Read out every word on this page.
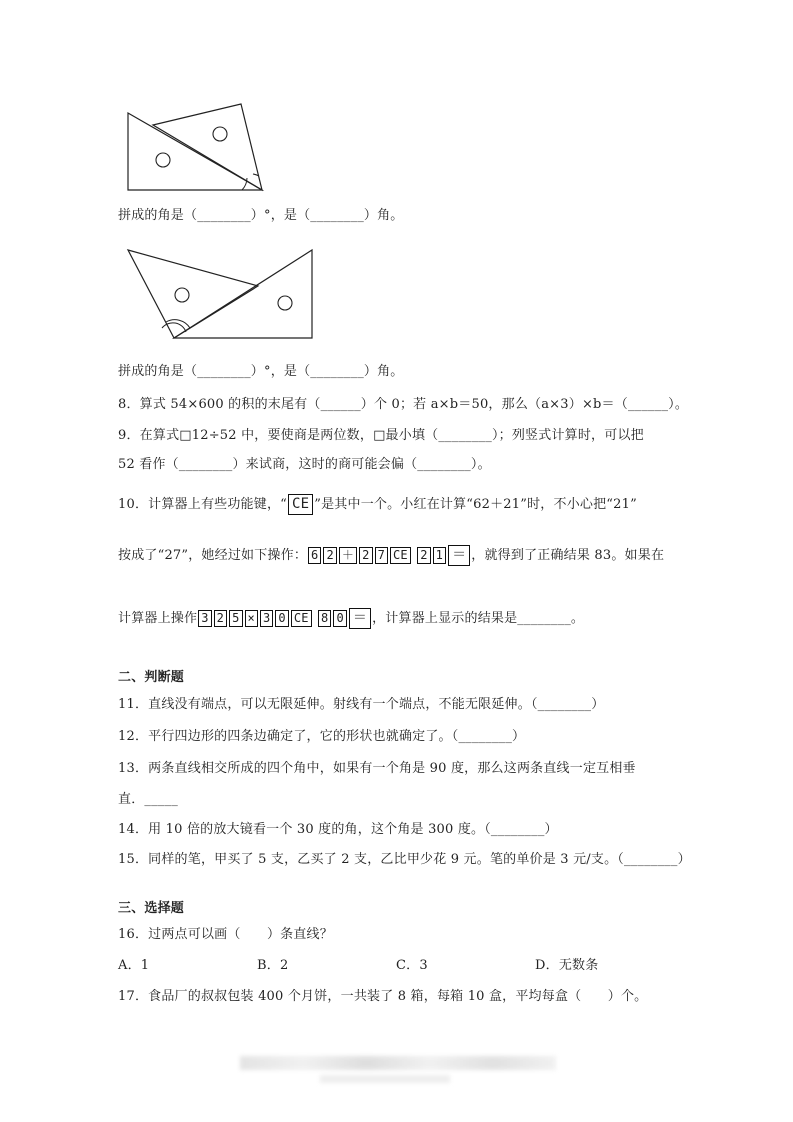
拼成的角是（________）°，是（________）角。
拼成的角是（________）°，是（________）角。
8．算式 54×600 的积的末尾有（______）个 0；若 a×b＝50，那么（a×3）×b＝（______）。
9．在算式□12÷52 中，要使商是两位数，□最小填（________）；列竖式计算时，可以把
52 看作（________）来试商，这时的商可能会偏（________）。
10．计算器上有些功能键，“ CE ”是其中一个。小红在计算“62＋21”时，不小心把“21”
按成了“27”，她经过如下操作： 6 2 ＋ 2 7 CE 2 1 ＝ ，就得到了正确结果 83。如果在
计算器上操作 3 2 5 × 3 0 CE 8 0 ＝ ，计算器上显示的结果是________。
二、判断题
11．直线没有端点，可以无限延伸。射线有一个端点，不能无限延伸。（________）
12．平行四边形的四条边确定了，它的形状也就确定了。（________）
13．两条直线相交所成的四个角中，如果有一个角是 90 度，那么这两条直线一定互相垂
直．_____
14．用 10 倍的放大镜看一个 30 度的角，这个角是 300 度。（________）
15．同样的笔，甲买了 5 支，乙买了 2 支，乙比甲少花 9 元。笔的单价是 3 元/支。（________）
三、选择题
16．过两点可以画（　　）条直线？
A．1	B．2	C．3	D．无数条
17．食品厂的叔叔包装 400 个月饼，一共装了 8 箱，每箱 10 盒，平均每盒（　　）个。
